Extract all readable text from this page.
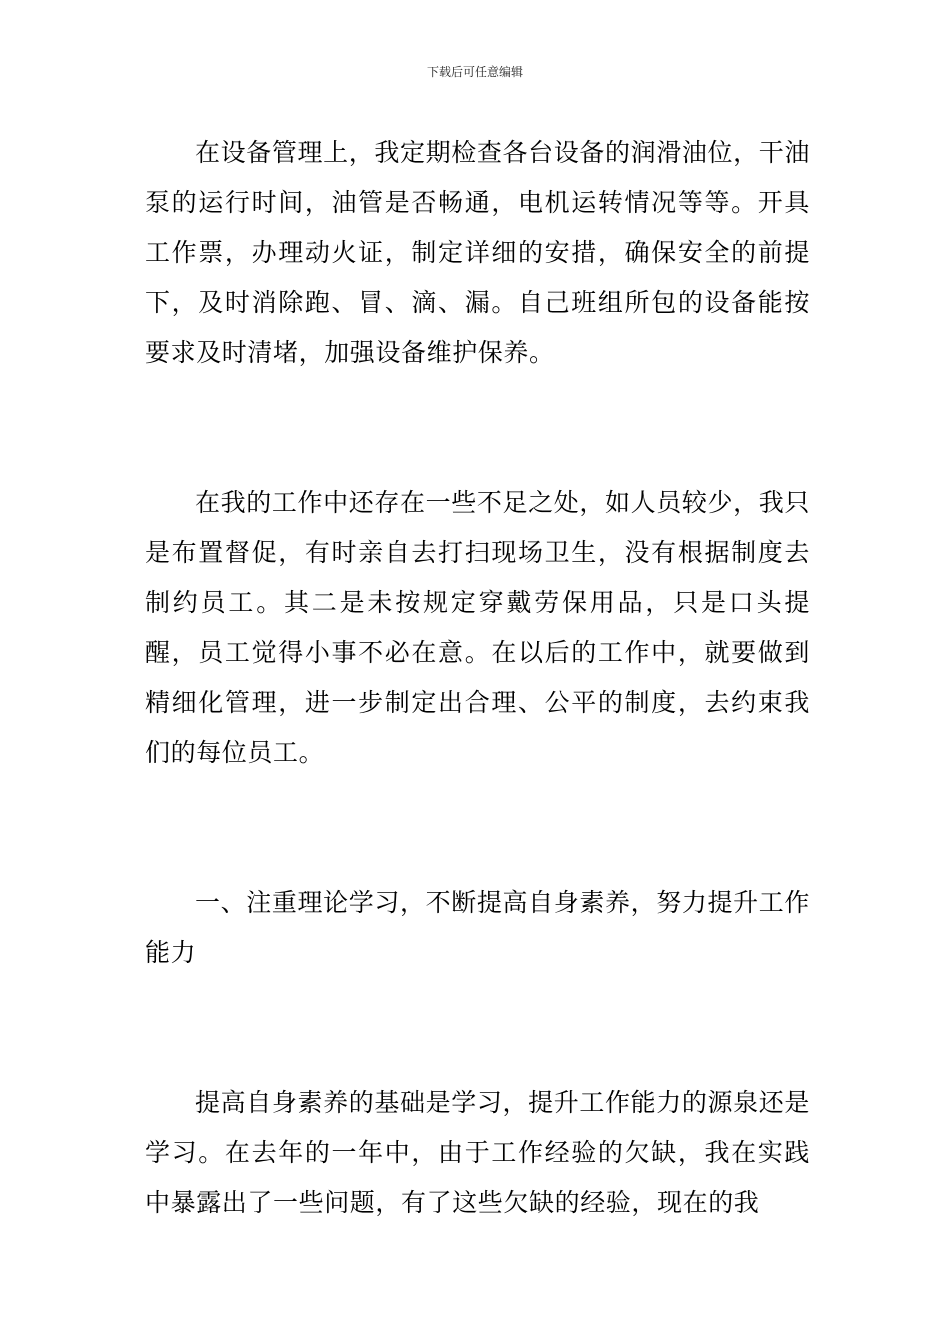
下载后可任意编辑

在设备管理上，我定期检查各台设备的润滑油位，干油泵的运行时间，油管是否畅通，电机运转情况等等。开具工作票，办理动火证，制定详细的安措，确保安全的前提下，及时消除跑、冒、滴、漏。自己班组所包的设备能按要求及时清堵，加强设备维护保养。

在我的工作中还存在一些不足之处，如人员较少，我只是布置督促，有时亲自去打扫现场卫生，没有根据制度去制约员工。其二是未按规定穿戴劳保用品，只是口头提醒，员工觉得小事不必在意。在以后的工作中，就要做到精细化管理，进一步制定出合理、公平的制度，去约束我们的每位员工。

一、注重理论学习，不断提高自身素养，努力提升工作能力

提高自身素养的基础是学习，提升工作能力的源泉还是学习。在去年的一年中，由于工作经验的欠缺，我在实践中暴露出了一些问题，有了这些欠缺的经验，现在的我
